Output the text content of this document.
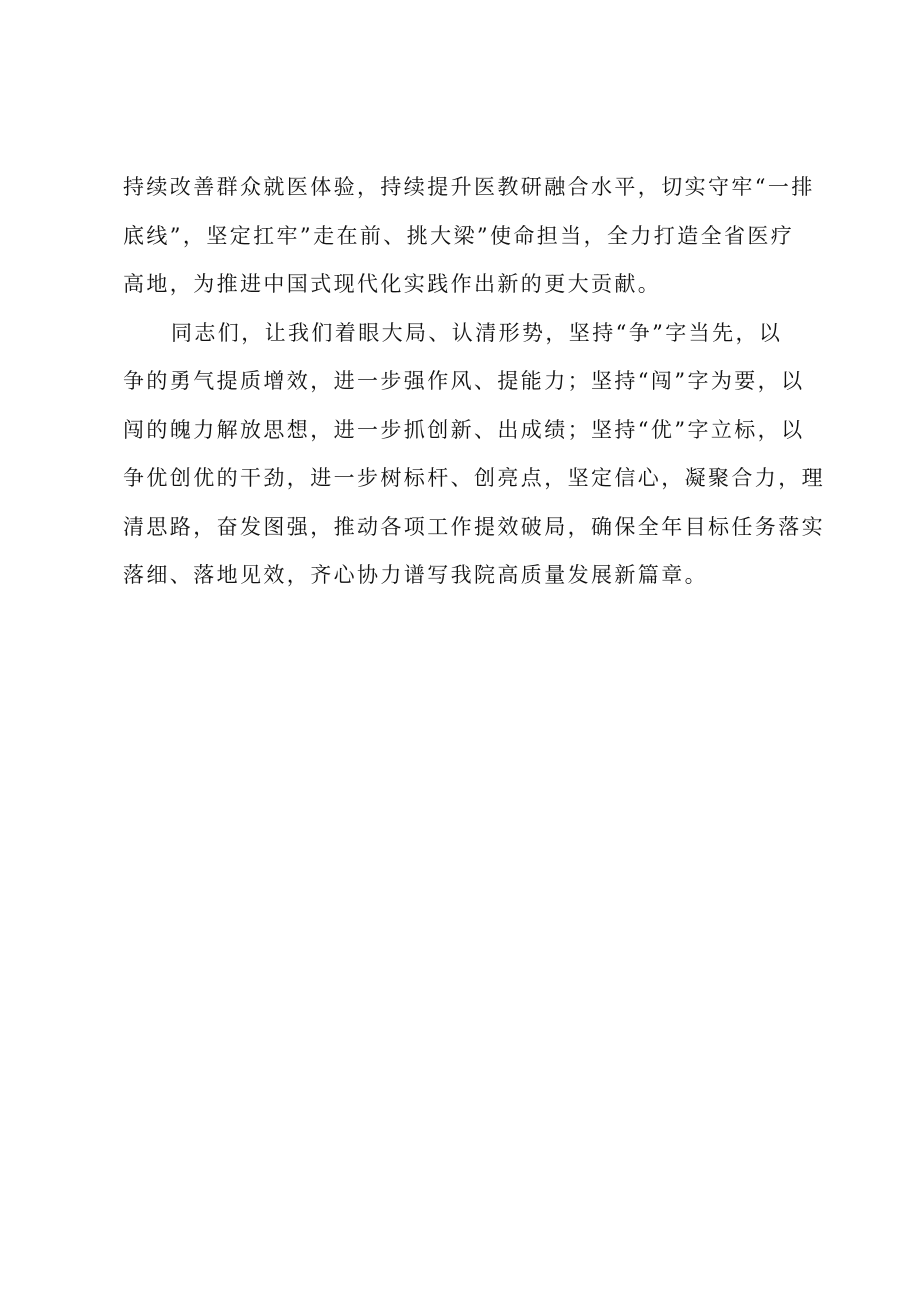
持续改善群众就医体验，持续提升医教研融合水平，切实守牢“一排
底线”，坚定扛牢”走在前、挑大梁”使命担当，全力打造全省医疗
高地，为推进中国式现代化实践作出新的更大贡献。
同志们，让我们着眼大局、认清形势，坚持“争”字当先，以
争的勇气提质增效，进一步强作风、提能力；坚持“闯”字为要，以
闯的魄力解放思想，进一步抓创新、出成绩；坚持“优”字立标，以
争优创优的干劲，进一步树标杆、创亮点，坚定信心，凝聚合力，理
清思路，奋发图强，推动各项工作提效破局，确保全年目标任务落实
落细、落地见效，齐心协力谱写我院高质量发展新篇章。
